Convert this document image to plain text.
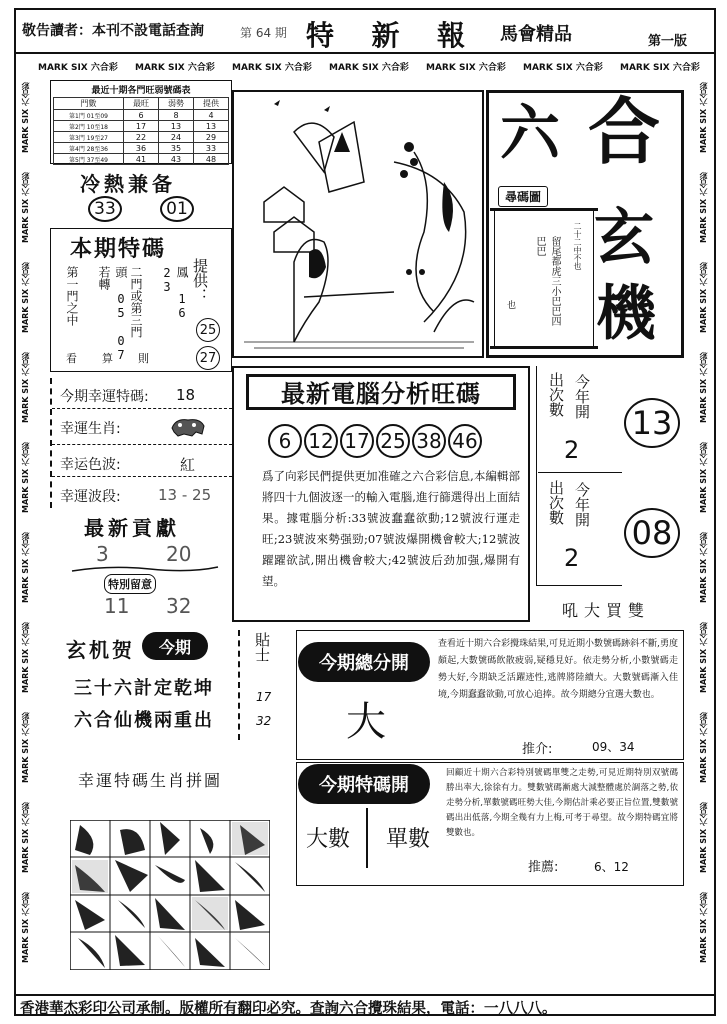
敬告讀者：本刊不設電話查詢	第 64 期 特  新  報 馬會精品	第一版
MARK SIX 六合彩 MARK SIX 六合彩 MARK SIX 六合彩 MARK SIX 六合彩 MARK SIX 六合彩 MARK SIX 六合彩 MARK SIX 六合彩
MARK SIX 六合彩
MARK SIX 六合彩
MARK SIX 六合彩
MARK SIX 六合彩
MARK SIX 六合彩
MARK SIX 六合彩
MARK SIX 六合彩
MARK SIX 六合彩
MARK SIX 六合彩
MARK SIX 六合彩
MARK SIX 六合彩
MARK SIX 六合彩
MARK SIX 六合彩
MARK SIX 六合彩
MARK SIX 六合彩
MARK SIX 六合彩
MARK SIX 六合彩
MARK SIX 六合彩
MARK SIX 六合彩
MARK SIX 六合彩
最近十期各門旺弱號碼表
門數	最旺	弱勢	提供
第1門 01至09	6	8	4
第2門 10至18	17	13	13
第3門 19至27	22	24	29
第4門 28至36	36	35	33
第5門 37至49	41	43	48
冷熱兼备
33	01
本期特碼
第一門之中	頭 05 07 若轉	二門或第三門	鳳 16 23	提供：
看  算  則
25
27
今期幸運特碼: 18
幸運生肖:
幸运色波:	紅
幸運波段: 13 - 25
最新貢獻
3	20
特別留意
11 32
玄机贺	今期
三十六計定乾坤
六合仙機兩重出
幸運特碼生肖拼圖
貼士
17
32
六 合
玄
機
尋碼圖
二十二中不也
留尾都虎三小巴巴四巴巴
也
最新電腦分析旺碼
6 12 17 25 38 46
爲了向彩民們提供更加准確之六合彩信息,本編輯部將四十九個波逐一的輸入電腦,進行篩選得出上面結果。據電腦分析:33號波蠢蠢欲動;12號波行運走旺;23號波來勢强勁;07號波爆開機會較大;12號波躍躍欲試,開出機會較大;42號波后劲加强,爆開有望。
出次數 今年開
2
出次數 今年開
2
13
08
吼大買雙
今期總分開
大
查看近十期六合彩攪珠結果,可見近期小數號碼跡斜不斷,勇度頗起,大數號碼飲散疲弱,疑穩見好。依走勢分析,小數號碼走勢大好,今期缺乏活躍迹性,逃牌將陸續大。大數號碼漸入佳境,今期蠢蠢欲動,可放心追捧。故今期總分宜選大數也。
推介:	09、34
今期特碼開
大數 單數
回顧近十期六合彩特別號碼單雙之走勢,可見近期特別双號碼勝出率大,徐徐有力。雙數號碼漸處大減整體處於調落之勢,依走勢分析,單數號碼旺勢大佳,今期估計乘必要正旨位置,雙數號碼出出低落,今期全幾有力上梅,可考于尋望。故今期特碼宜將雙數也。
推薦:	6、12
香港華杰彩印公司承制。版權所有翻印必究。查詢六合攪珠結果，電話：一八八八。
